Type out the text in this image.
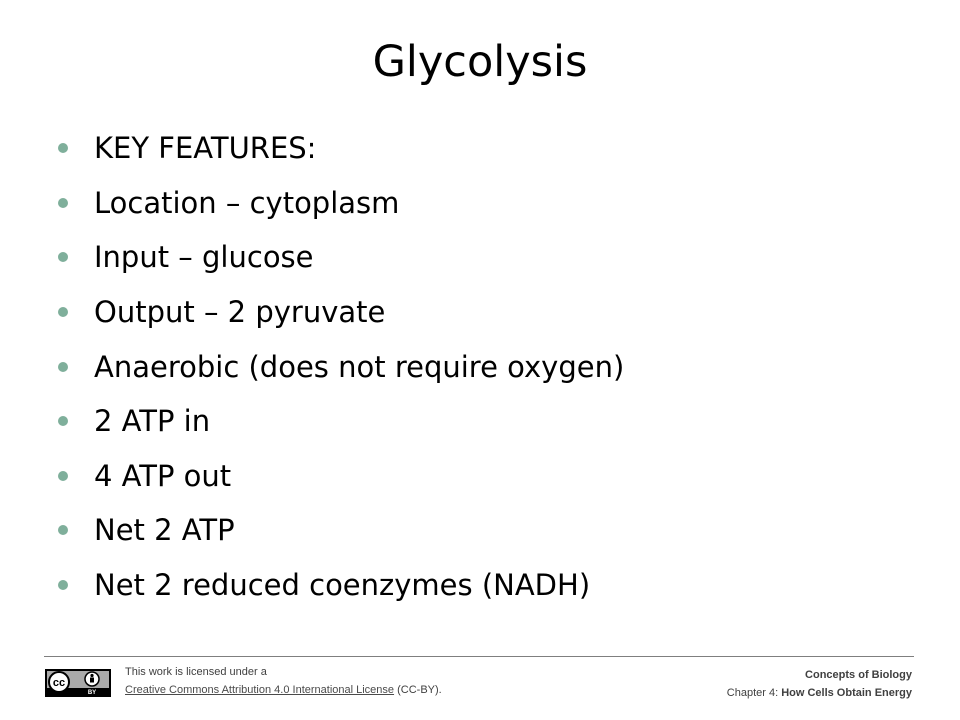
Glycolysis
KEY FEATURES:
Location – cytoplasm
Input – glucose
Output – 2 pyruvate
Anaerobic (does not require oxygen)
2 ATP in
4 ATP out
Net 2 ATP
Net 2 reduced coenzymes (NADH)
cc
BY
This work is licensed under a
Creative Commons Attribution 4.0 International License (CC-BY).
Concepts of Biology
Chapter 4: How Cells Obtain Energy
